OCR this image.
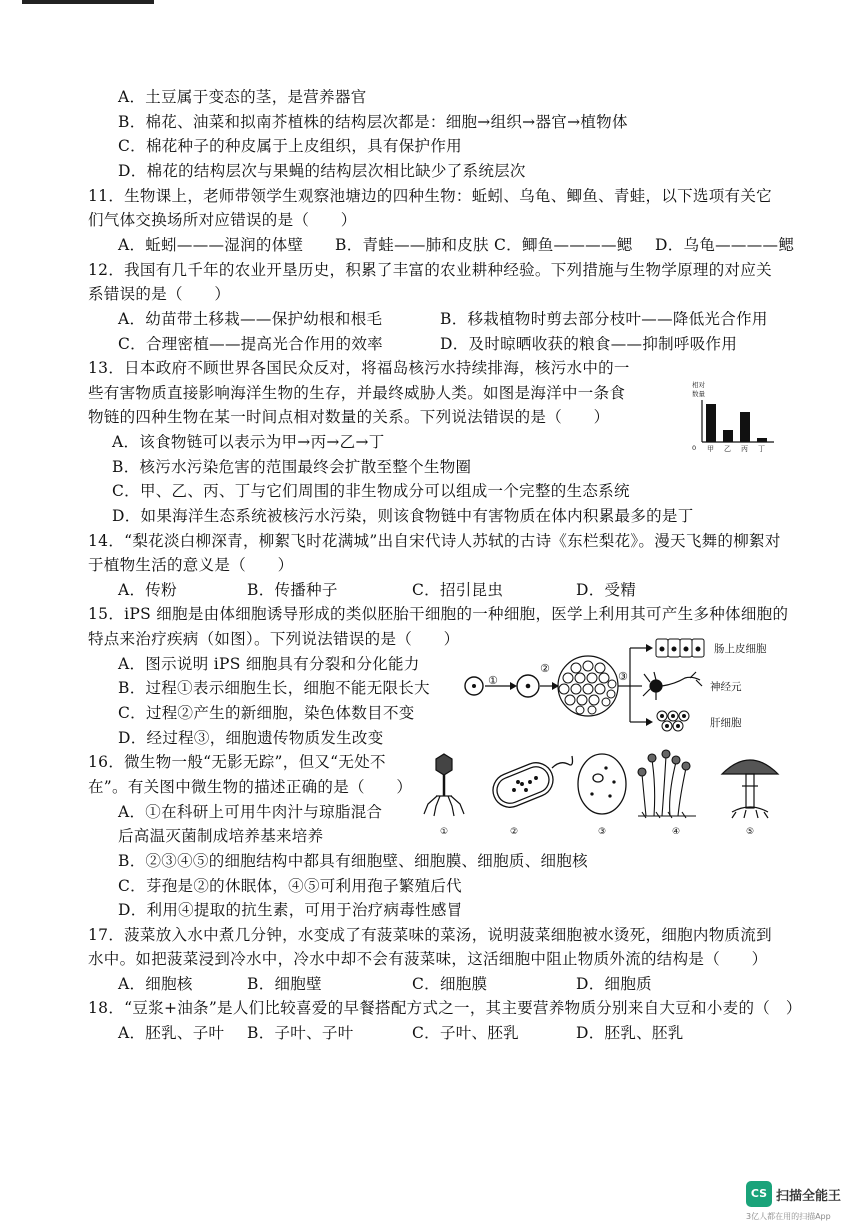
A．土豆属于变态的茎，是营养器官
B．棉花、油菜和拟南芥植株的结构层次都是：细胞→组织→器官→植物体
C．棉花种子的种皮属于上皮组织，具有保护作用
D．棉花的结构层次与果蝇的结构层次相比缺少了系统层次
11．生物课上，老师带领学生观察池塘边的四种生物：蚯蚓、乌龟、鲫鱼、青蛙，以下选项有关它
们气体交换场所对应错误的是（　　）
A．蚯蚓———湿润的体壁 B．青蛙——肺和皮肤 C．鲫鱼————鳃 D．乌龟————鳃
12．我国有几千年的农业开垦历史，积累了丰富的农业耕种经验。下列措施与生物学原理的对应关
系错误的是（　　）
A．幼苗带土移栽——保护幼根和根毛	B．移栽植物时剪去部分枝叶——降低光合作用
C．合理密植——提高光合作用的效率	D．及时晾晒收获的粮食——抑制呼吸作用
13．日本政府不顾世界各国民众反对，将福岛核污水持续排海，核污水中的一
些有害物质直接影响海洋生物的生存，并最终威胁人类。如图是海洋中一条食
物链的四种生物在某一时间点相对数量的关系。下列说法错误的是（　　）
A．该食物链可以表示为甲→丙→乙→丁
B．核污水污染危害的范围最终会扩散至整个生物圈
C．甲、乙、丙、丁与它们周围的非生物成分可以组成一个完整的生态系统
D．如果海洋生态系统被核污水污染，则该食物链中有害物质在体内积累最多的是丁
相对
数量
0 甲 乙 丙 丁
14．“梨花淡白柳深青，柳絮飞时花满城”出自宋代诗人苏轼的古诗《东栏梨花》。漫天飞舞的柳絮对
于植物生活的意义是（　　）
A．传粉	B．传播种子	C．招引昆虫	D．受精
15．iPS 细胞是由体细胞诱导形成的类似胚胎干细胞的一种细胞，医学上利用其可产生多种体细胞的
特点来治疗疾病（如图）。下列说法错误的是（　　）
A．图示说明 iPS 细胞具有分裂和分化能力
B．过程①表示细胞生长，细胞不能无限长大
C．过程②产生的新细胞，染色体数目不变
D．经过程③，细胞遗传物质发生改变
①
②
③
肠上皮细胞
神经元
肝细胞
16．微生物一般“无影无踪”，但又“无处不
在”。有关图中微生物的描述正确的是（　　）
A．①在科研上可用牛肉汁与琼脂混合
后高温灭菌制成培养基来培养
B．②③④⑤的细胞结构中都具有细胞壁、细胞膜、细胞质、细胞核
C．芽孢是②的休眠体，④⑤可利用孢子繁殖后代
D．利用④提取的抗生素，可用于治疗病毒性感冒
①	②	③	④	⑤
17．菠菜放入水中煮几分钟，水变成了有菠菜味的菜汤，说明菠菜细胞被水烫死，细胞内物质流到
水中。如把菠菜浸到冷水中，冷水中却不会有菠菜味，这活细胞中阻止物质外流的结构是（　　）
A．细胞核	B．细胞壁	C．细胞膜	D．细胞质
18．“豆浆+油条”是人们比较喜爱的早餐搭配方式之一，其主要营养物质分别来自大豆和小麦的（　）
A．胚乳、子叶 B．子叶、子叶	C．子叶、胚乳	D．胚乳、胚乳
CS 扫描全能王
3亿人都在用的扫描App
